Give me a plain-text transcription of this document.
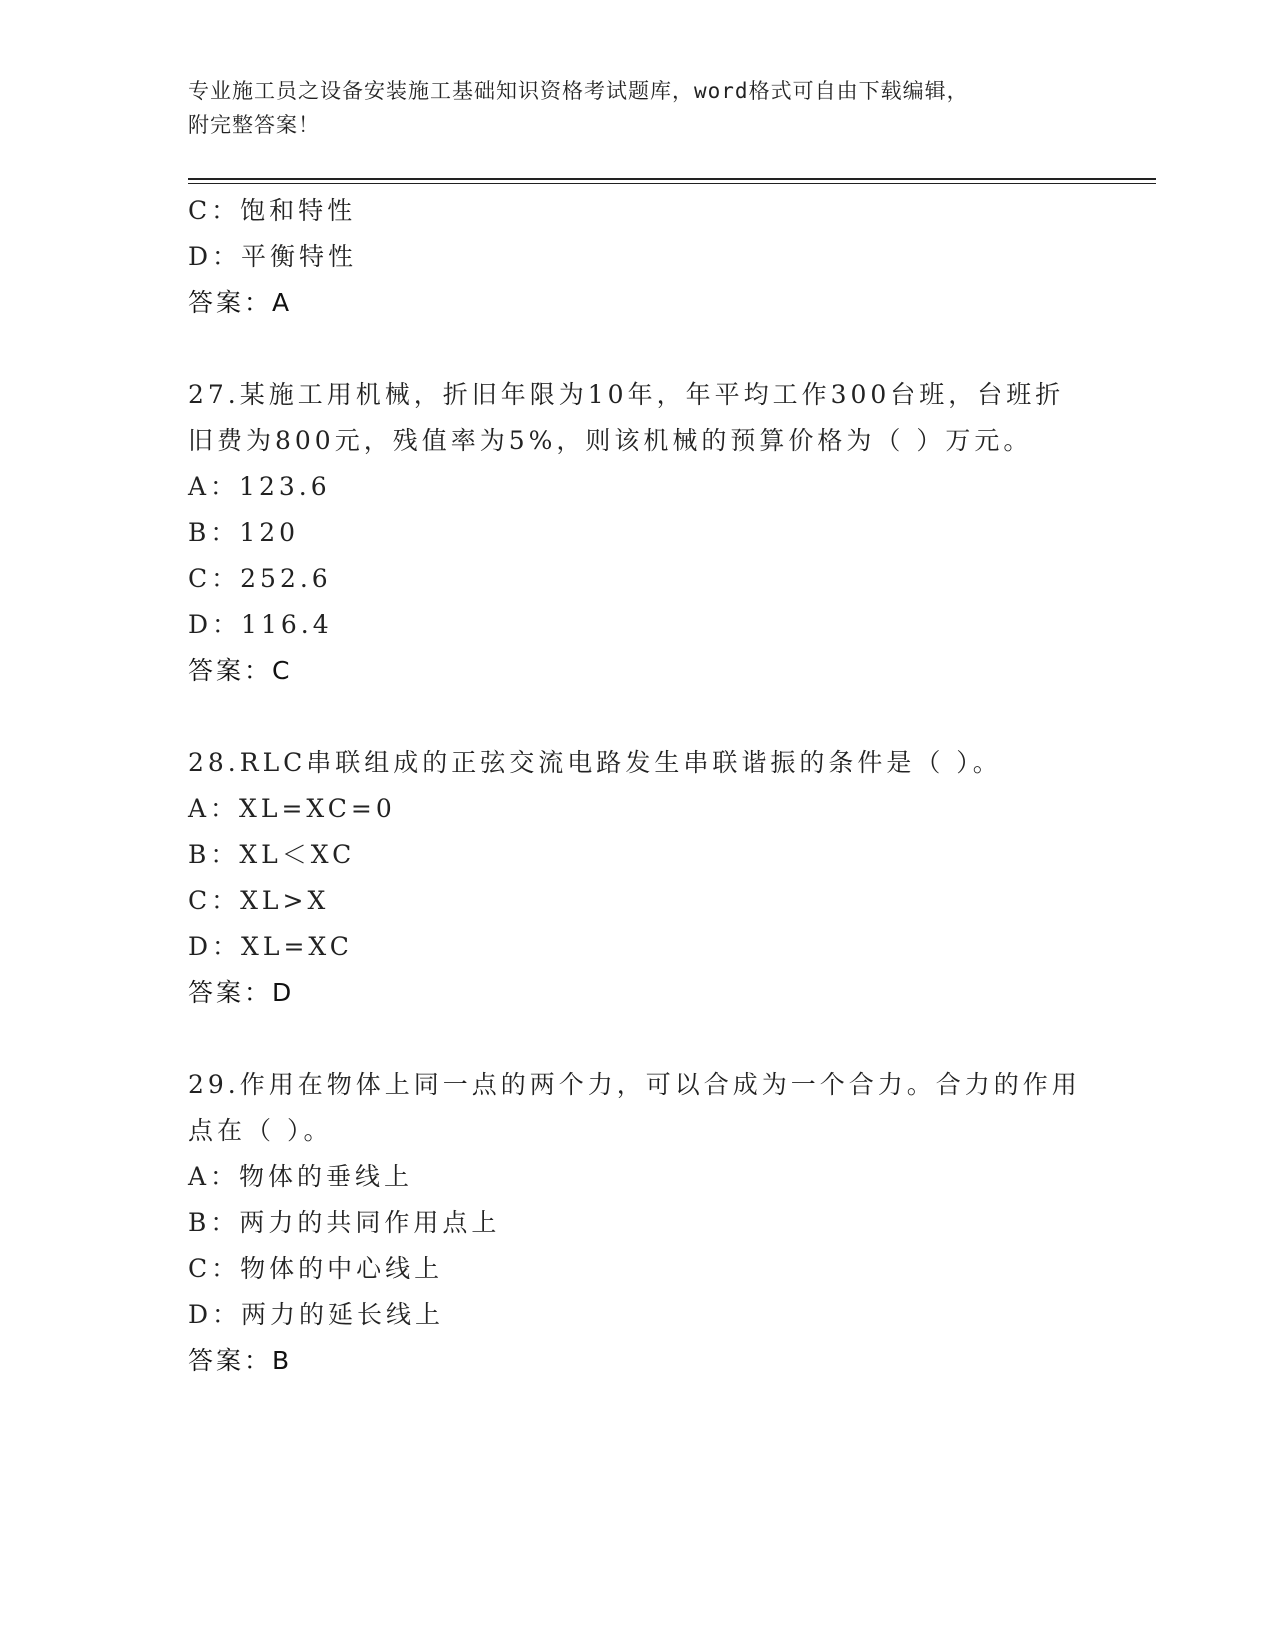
专业施工员之设备安装施工基础知识资格考试题库，word格式可自由下载编辑，
附完整答案！
C：饱和特性
D：平衡特性
答案：A
27.某施工用机械，折旧年限为10年，年平均工作300台班，台班折
旧费为800元，残值率为5%，则该机械的预算价格为（ ）万元。
A：123.6
B：120
C：252.6
D：116.4
答案：C
28.RLC串联组成的正弦交流电路发生串联谐振的条件是（ ）。
A：XL=XC=0
B：XL＜XC
C：XL>X
D：XL=XC
答案：D
29.作用在物体上同一点的两个力，可以合成为一个合力。合力的作用
点在（ ）。
A：物体的垂线上
B：两力的共同作用点上
C：物体的中心线上
D：两力的延长线上
答案：B
